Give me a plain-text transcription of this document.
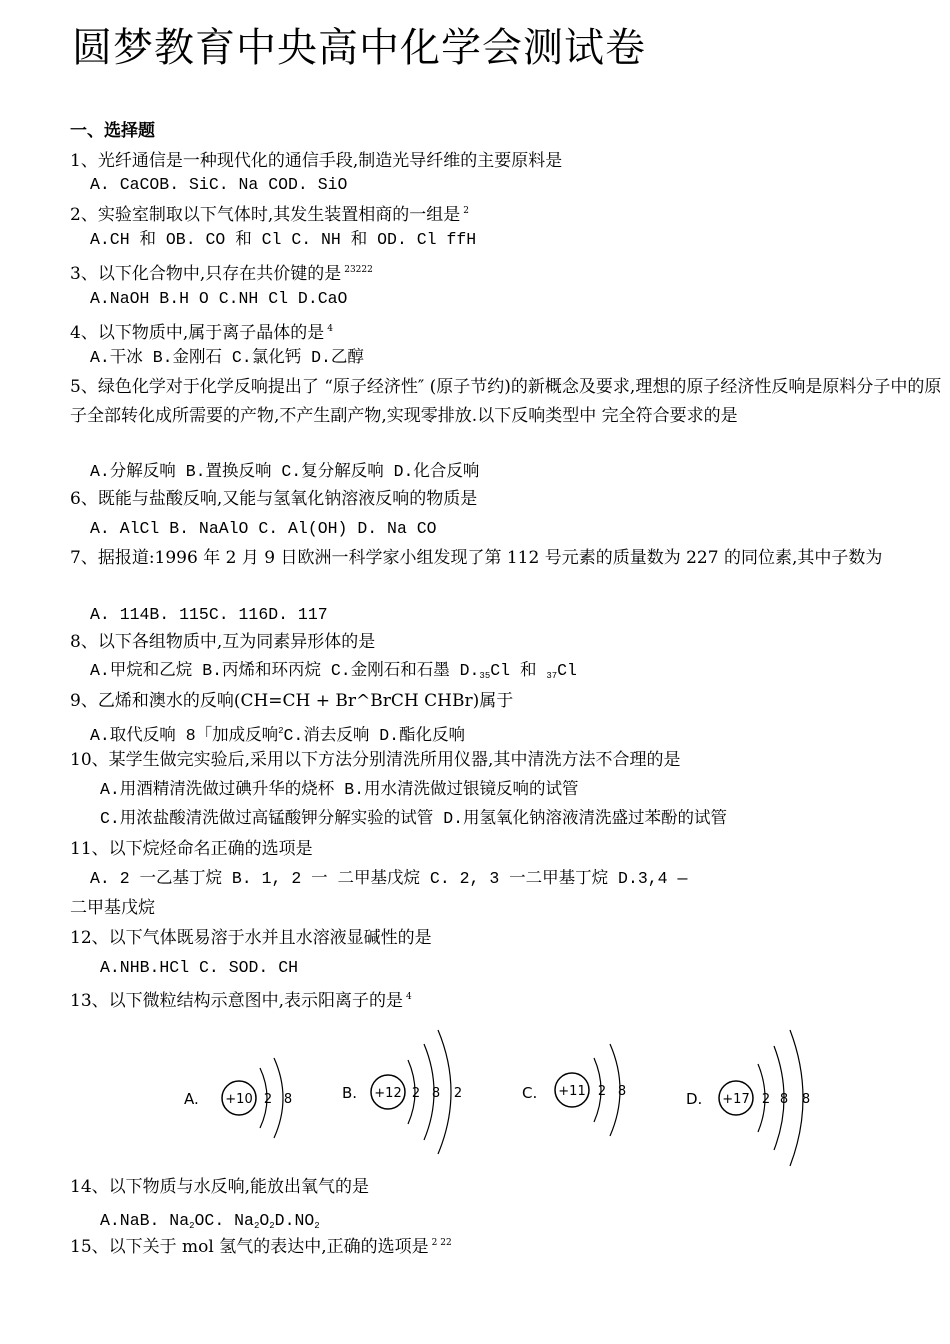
圆梦教育中央高中化学会测试卷
一、选择题
1、光纤通信是一种现代化的通信手段,制造光导纤维的主要原料是
A. CaCOB. SiC. Na COD. SiO
2、实验室制取以下气体时,其发生装置相商的一组是 $^2$
A.CH 和 OB. CO 和 Cl C. NH 和 OD. Cl ffH
3、以下化合物中,只存在共价键的是 $^{23222}$
A.NaOH B.H O C.NH Cl D.CaO
4、以下物质中,属于离子晶体的是 $^4$
A.干冰 B.金刚石 C.氯化钙 D.乙醇
5、绿色化学对于化学反响提出了 “原子经济性″ (原子节约)的新概念及要求,理想的原子经济性反响是原料分子中的原子全部转化成所需要的产物,不产生副产物,实现零排放.以下反响类型中 完全符合要求的是
A.分解反响 B.置换反响 C.复分解反响 D.化合反响
6、既能与盐酸反响,又能与氢氧化钠溶液反响的物质是
A. AlCl B. NaAlO C. Al(OH) D. Na CO
7、据报道:1996 年 2 月 9 日欧洲一科学家小组发现了第 112 号元素的质量数为 227 的同位素,其中子数为
A. 114B. 115C. 116D. 117
8、以下各组物质中,互为同素异形体的是
A.甲烷和乙烷 B.丙烯和环丙烷 C.金刚石和石墨 $D._{35}Cl$ 和 $_{37}$Cl
9、乙烯和澳水的反响(CH=CH + Br^BrCH CHBr)属于
A.取代反响 8「加成反响$^2$C.消去反响 D.酯化反响
10、某学生做完实验后,采用以下方法分别清洗所用仪器,其中清洗方法不合理的是
A.用酒精清洗做过碘升华的烧杯 B.用水清洗做过银镜反响的试管
C.用浓盐酸清洗做过高锰酸钾分解实验的试管 D.用氢氧化钠溶液清洗盛过苯酚的试管
11、以下烷烃命名正确的选项是
A. 2 一乙基丁烷 B. 1, 2 一 二甲基戊烷 C. 2, 3 一二甲基丁烷 D.3,4 —
二甲基戊烷
12、以下气体既易溶于水并且水溶液显碱性的是
A.NHB.HCl C. SOD. CH
13、以下微粒结构示意图中,表示阳离子的是 $^4$
A. +10 2 8	B. +12 2 8 2	C. +11 2 8	D. +17 2 8 8
14、以下物质与水反响,能放出氧气的是
A.NaB. $Na_2OC$. $Na_2O_2D.NO_2$
15、以下关于 mol 氢气的表达中,正确的选项是 $^{2 22}$
